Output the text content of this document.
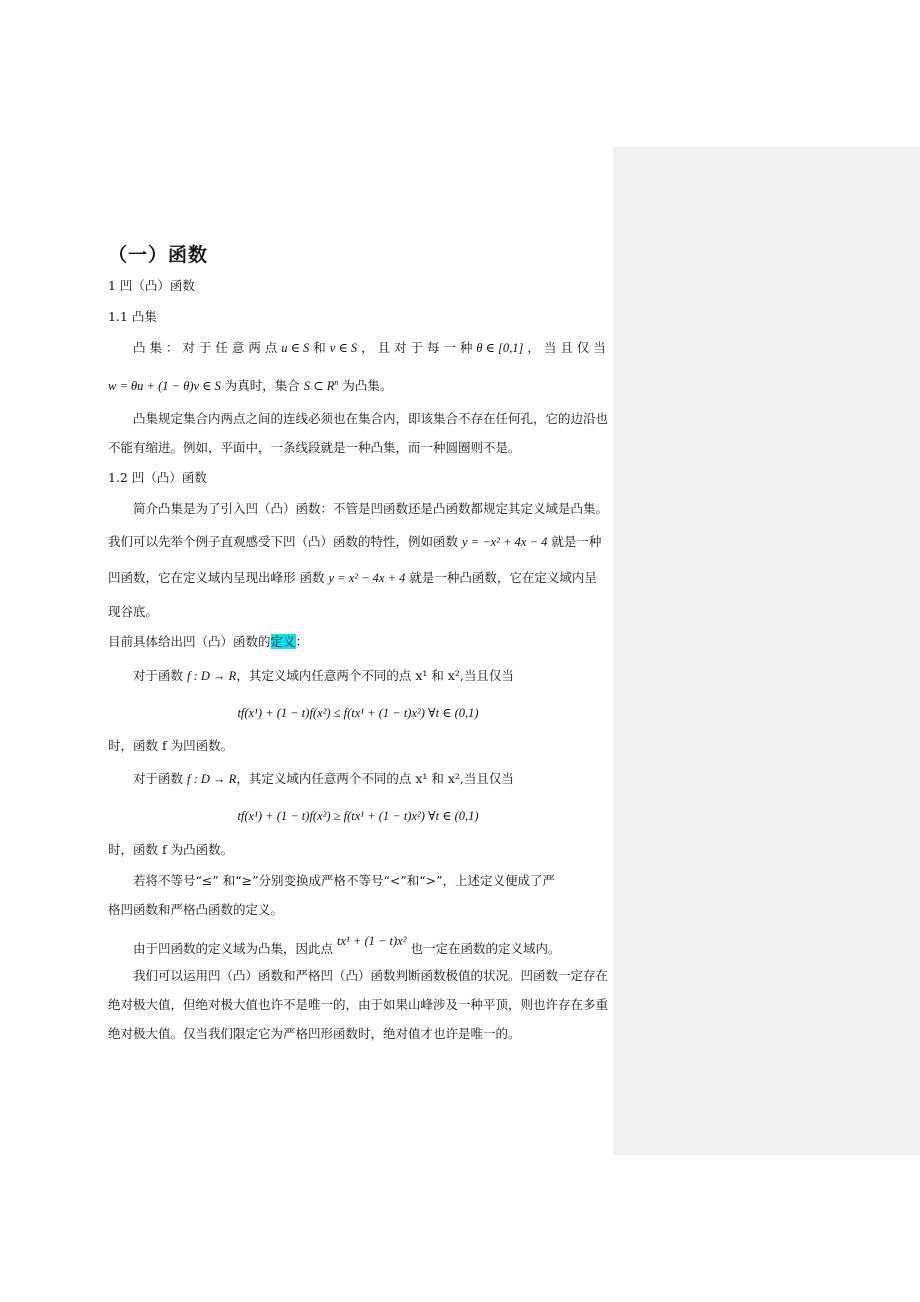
（一）函数
1 凹（凸）函数
1.1 凸集
凸 集 ： 对 于 任 意 两 点 u ∈ S 和 v ∈ S ， 且 对 于 每 一 种 θ ∈ [0,1] ， 当 且 仅 当
w = θu + (1 − θ)v ∈ S 为真时，集合 S ⊂ $R^n$ 为凸集。
凸集规定集合内两点之间的连线必须也在集合内，即该集合不存在任何孔，它的边沿也
不能有缩进。例如，平面中，一条线段就是一种凸集，而一种圆圈则不是。
1.2 凹（凸）函数
简介凸集是为了引入凹（凸）函数：不管是凹函数还是凸函数都规定其定义域是凸集。
我们可以先举个例子直观感受下凹（凸）函数的特性，例如函数 y = −x² + 4x − 4 就是一种
凹函数，它在定义域内呈现出峰形 函数 y = x² − 4x + 4 就是一种凸函数，它在定义域内呈
现谷底。
目前具体给出凹（凸）函数的定义：
对于函数 f : D → R，其定义域内任意两个不同的点 x¹ 和 x²,当且仅当
tf(x¹) + (1 − t)f(x²) ≤ f(tx¹ + (1 − t)x²) ∀t ∈ (0,1)
时，函数 f 为凹函数。
对于函数 f : D → R，其定义域内任意两个不同的点 x¹ 和 x²,当且仅当
tf(x¹) + (1 − t)f(x²) ≥ f(tx¹ + (1 − t)x²) ∀t ∈ (0,1)
时，函数 f 为凸函数。
若将不等号“≤” 和“≥”分别变换成严格不等号“<”和“>”，上述定义便成了严
格凹函数和严格凸函数的定义。
由于凹函数的定义域为凸集，因此点 tx¹ + (1 − t)x² 也一定在函数的定义域内。
我们可以运用凹（凸）函数和严格凹（凸）函数判断函数极值的状况。凹函数一定存在
绝对极大值，但绝对极大值也许不是唯一的，由于如果山峰涉及一种平顶，则也许存在多重
绝对极大值。仅当我们限定它为严格凹形函数时，绝对值才也许是唯一的。
